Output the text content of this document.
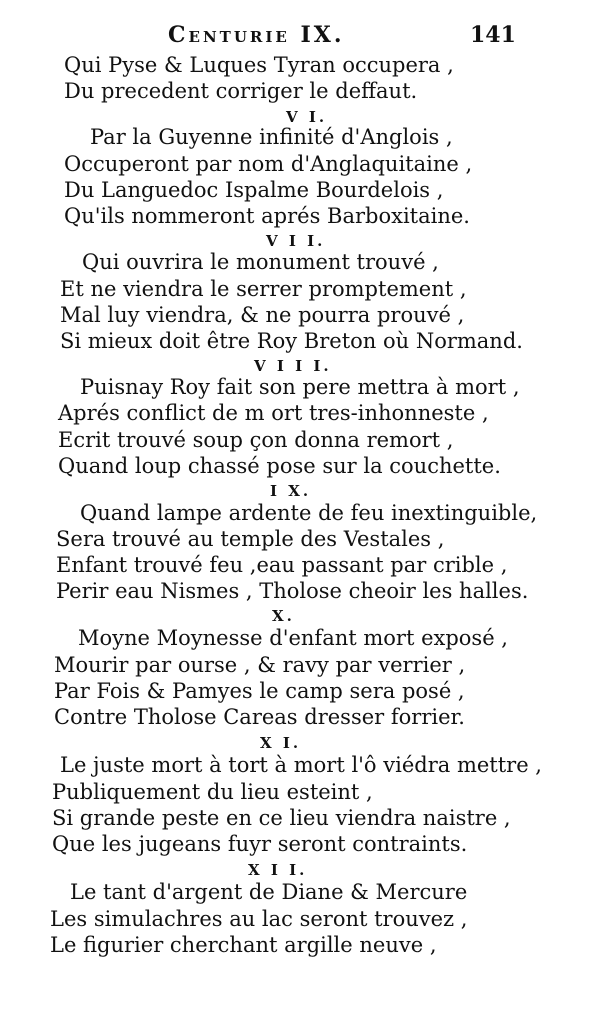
Centurie IX.	141
Qui Pyse & Luques Tyran occupera ,
Du precedent corriger le deffaut.
V I.
Par la Guyenne infinité d'Anglois ,
Occuperont par nom d'Anglaquitaine ,
Du Languedoc Ispalme Bourdelois ,
Qu'ils nommeront aprés Barboxitaine.
V I I.
Qui ouvrira le monument trouvé ,
Et ne viendra le serrer promptement ,
Mal luy viendra, & ne pourra prouvé ,
Si mieux doit être Roy Breton où Normand.
V I I I.
Puisnay Roy fait son pere mettra à mort ,
Aprés conflict de m ort tres-inhonneste ,
Ecrit trouvé soup çon donna remort ,
Quand loup chassé pose sur la couchette.
I X.
Quand lampe ardente de feu inextinguible,
Sera trouvé au temple des Vestales ,
Enfant trouvé feu ,eau passant par crible ,
Perir eau Nismes , Tholose cheoir les halles.
X.
Moyne Moynesse d'enfant mort exposé ,
Mourir par ourse , & ravy par verrier ,
Par Fois & Pamyes le camp sera posé ,
Contre Tholose Careas dresser forrier.
X I.
Le juste mort à tort à mort l'ô viédra mettre ,
Publiquement du lieu esteint ,
Si grande peste en ce lieu viendra naistre ,
Que les jugeans fuyr seront contraints.
X I I.
Le tant d'argent de Diane & Mercure
Les simulachres au lac seront trouvez ,
Le figurier cherchant argille neuve ,
